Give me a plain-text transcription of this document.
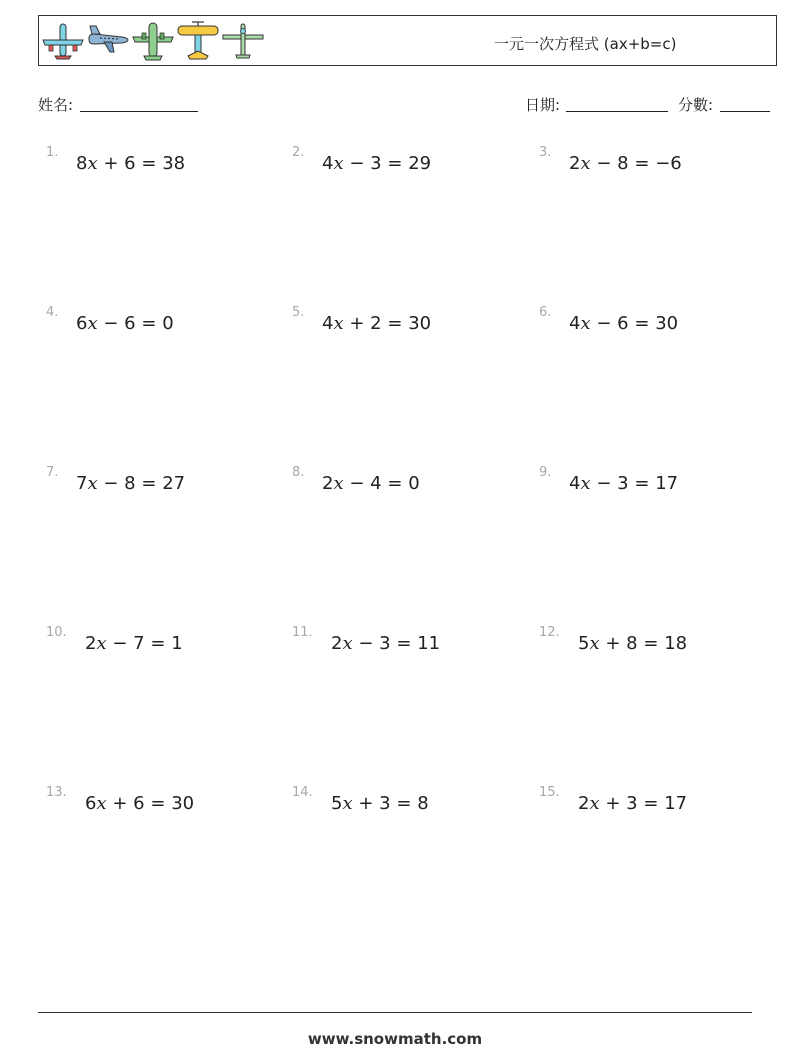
一元一次方程式 (ax+b=c)
姓名:	日期:	分數:
1.
8x + 6 = 38
2.
4x − 3 = 29
3.
2x − 8 = −6
4.
6x − 6 = 0
5.
4x + 2 = 30
6.
4x − 6 = 30
7.
7x − 8 = 27
8.
2x − 4 = 0
9.
4x − 3 = 17
10.
2x − 7 = 1
11.
2x − 3 = 11
12.
5x + 8 = 18
13.
6x + 6 = 30
14.
5x + 3 = 8
15.
2x + 3 = 17
www.snowmath.com
